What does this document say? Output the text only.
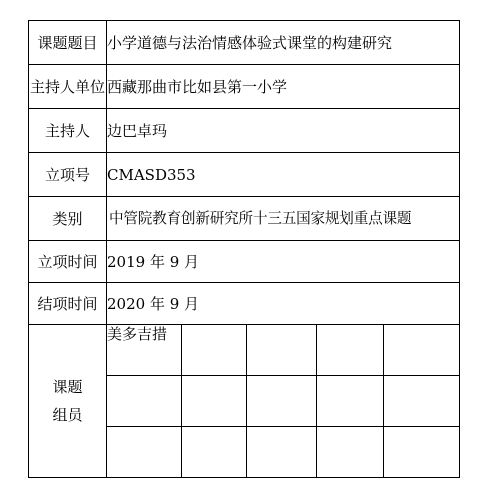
课题题目	小学道德与法治情感体验式课堂的构建研究				
主持人单位	西藏那曲市比如县第一小学				
主持人	边巴卓玛				
立项号	CMASD353				
类别	中管院教育创新研究所十三五国家规划重点课题				
立项时间	2019 年 9 月				
结项时间	2020 年 9 月				

课题
组员	美多吉措				
